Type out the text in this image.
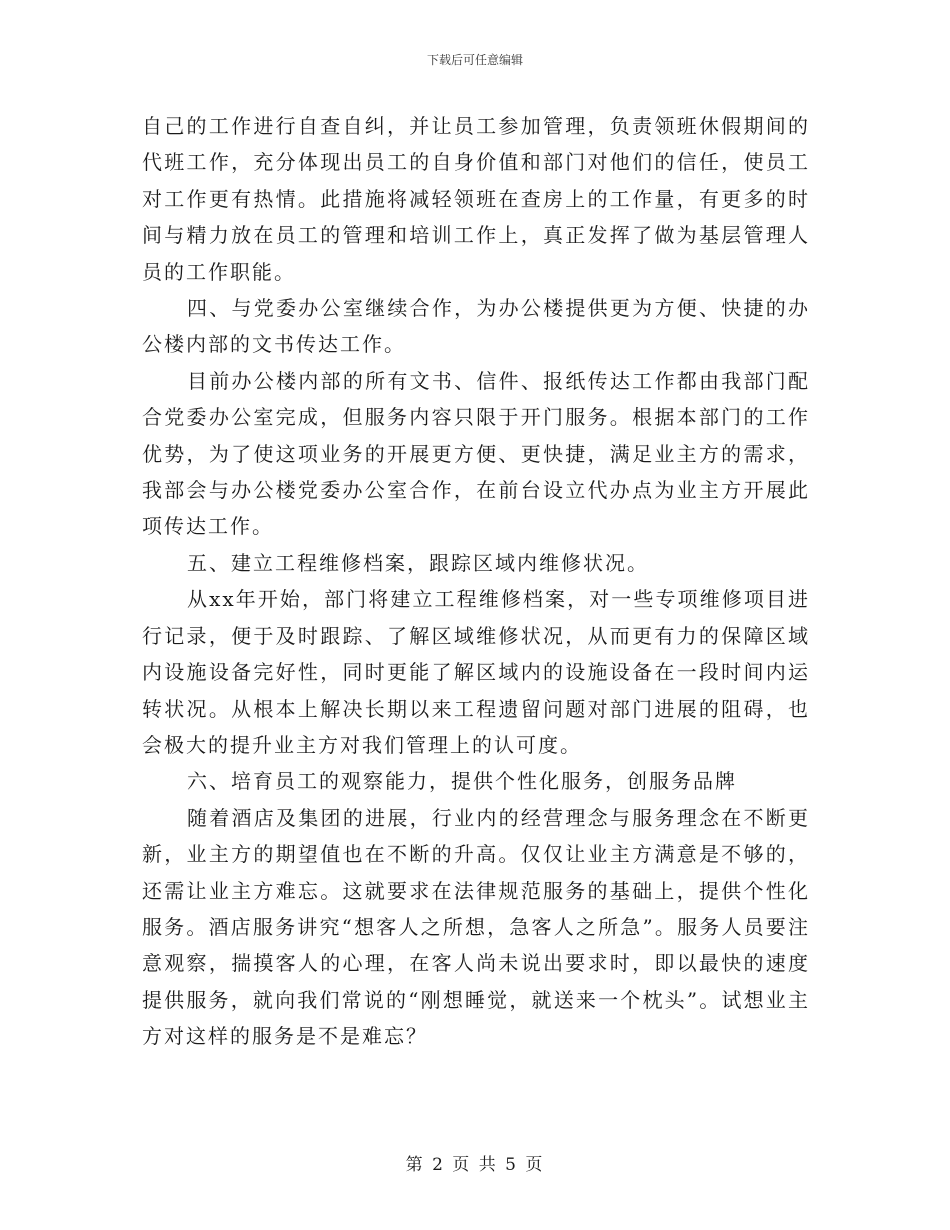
下载后可任意编辑

自己的工作进行自查自纠，并让员工参加管理，负责领班休假期间的代班工作，充分体现出员工的自身价值和部门对他们的信任，使员工对工作更有热情。此措施将减轻领班在查房上的工作量，有更多的时间与精力放在员工的管理和培训工作上，真正发挥了做为基层管理人员的工作职能。

四、与党委办公室继续合作，为办公楼提供更为方便、快捷的办公楼内部的文书传达工作。

目前办公楼内部的所有文书、信件、报纸传达工作都由我部门配合党委办公室完成，但服务内容只限于开门服务。根据本部门的工作优势，为了使这项业务的开展更方便、更快捷，满足业主方的需求，我部会与办公楼党委办公室合作，在前台设立代办点为业主方开展此项传达工作。

五、建立工程维修档案，跟踪区域内维修状况。

从xx年开始，部门将建立工程维修档案，对一些专项维修项目进行记录，便于及时跟踪、了解区域维修状况，从而更有力的保障区域内设施设备完好性，同时更能了解区域内的设施设备在一段时间内运转状况。从根本上解决长期以来工程遗留问题对部门进展的阻碍，也会极大的提升业主方对我们管理上的认可度。

六、培育员工的观察能力，提供个性化服务，创服务品牌

随着酒店及集团的进展，行业内的经营理念与服务理念在不断更新，业主方的期望值也在不断的升高。仅仅让业主方满意是不够的，还需让业主方难忘。这就要求在法律规范服务的基础上，提供个性化服务。酒店服务讲究“想客人之所想，急客人之所急”。服务人员要注意观察，揣摸客人的心理，在客人尚未说出要求时，即以最快的速度提供服务，就向我们常说的“刚想睡觉，就送来一个枕头”。试想业主方对这样的服务是不是难忘？

第 2 页 共 5 页
